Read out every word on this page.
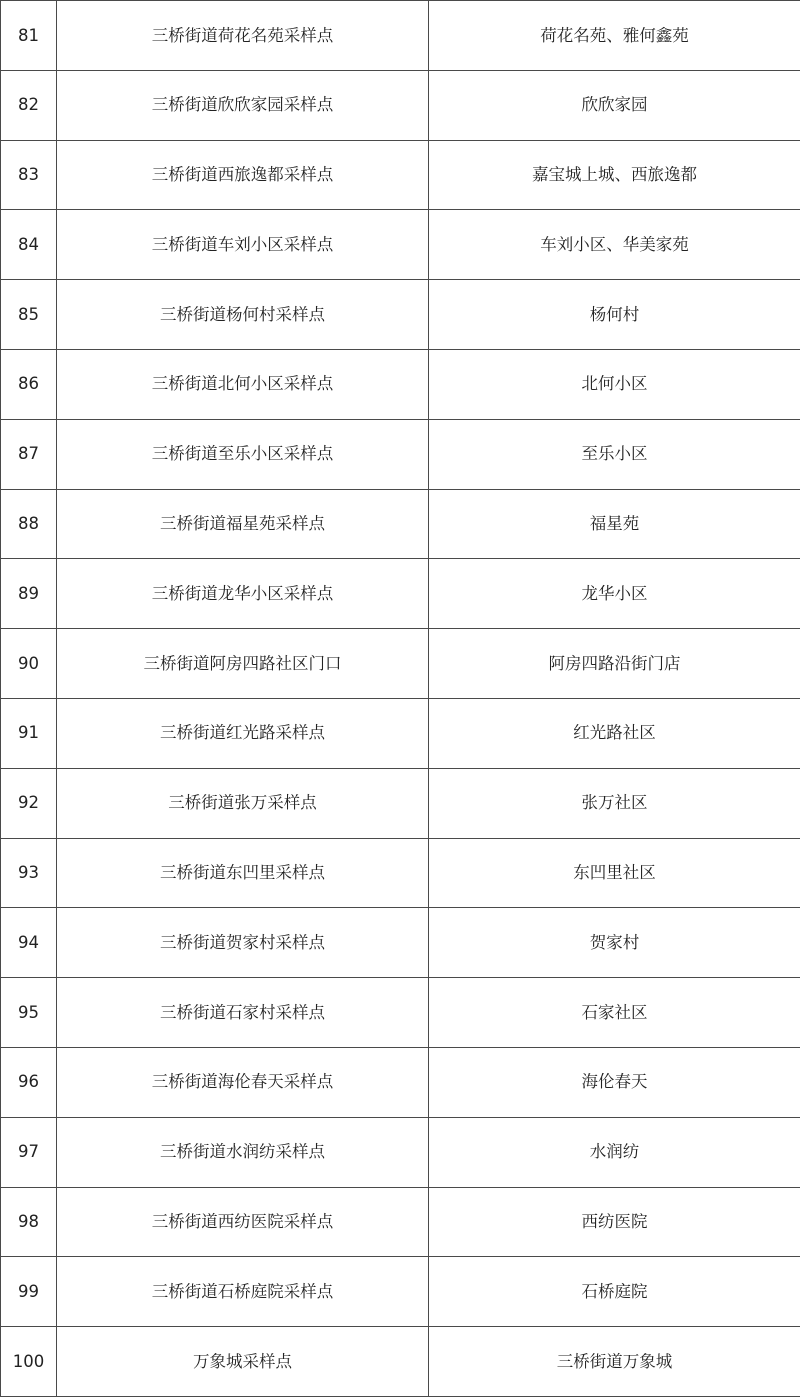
81	三桥街道荷花名苑采样点	荷花名苑、雅何鑫苑
82	三桥街道欣欣家园采样点	欣欣家园
83	三桥街道西旅逸都采样点	嘉宝城上城、西旅逸都
84	三桥街道车刘小区采样点	车刘小区、华美家苑
85	三桥街道杨何村采样点	杨何村
86	三桥街道北何小区采样点	北何小区
87	三桥街道至乐小区采样点	至乐小区
88	三桥街道福星苑采样点	福星苑
89	三桥街道龙华小区采样点	龙华小区
90	三桥街道阿房四路社区门口	阿房四路沿街门店
91	三桥街道红光路采样点	红光路社区
92	三桥街道张万采样点	张万社区
93	三桥街道东凹里采样点	东凹里社区
94	三桥街道贺家村采样点	贺家村
95	三桥街道石家村采样点	石家社区
96	三桥街道海伦春天采样点	海伦春天
97	三桥街道水润纺采样点	水润纺
98	三桥街道西纺医院采样点	西纺医院
99	三桥街道石桥庭院采样点	石桥庭院
100	万象城采样点	三桥街道万象城
